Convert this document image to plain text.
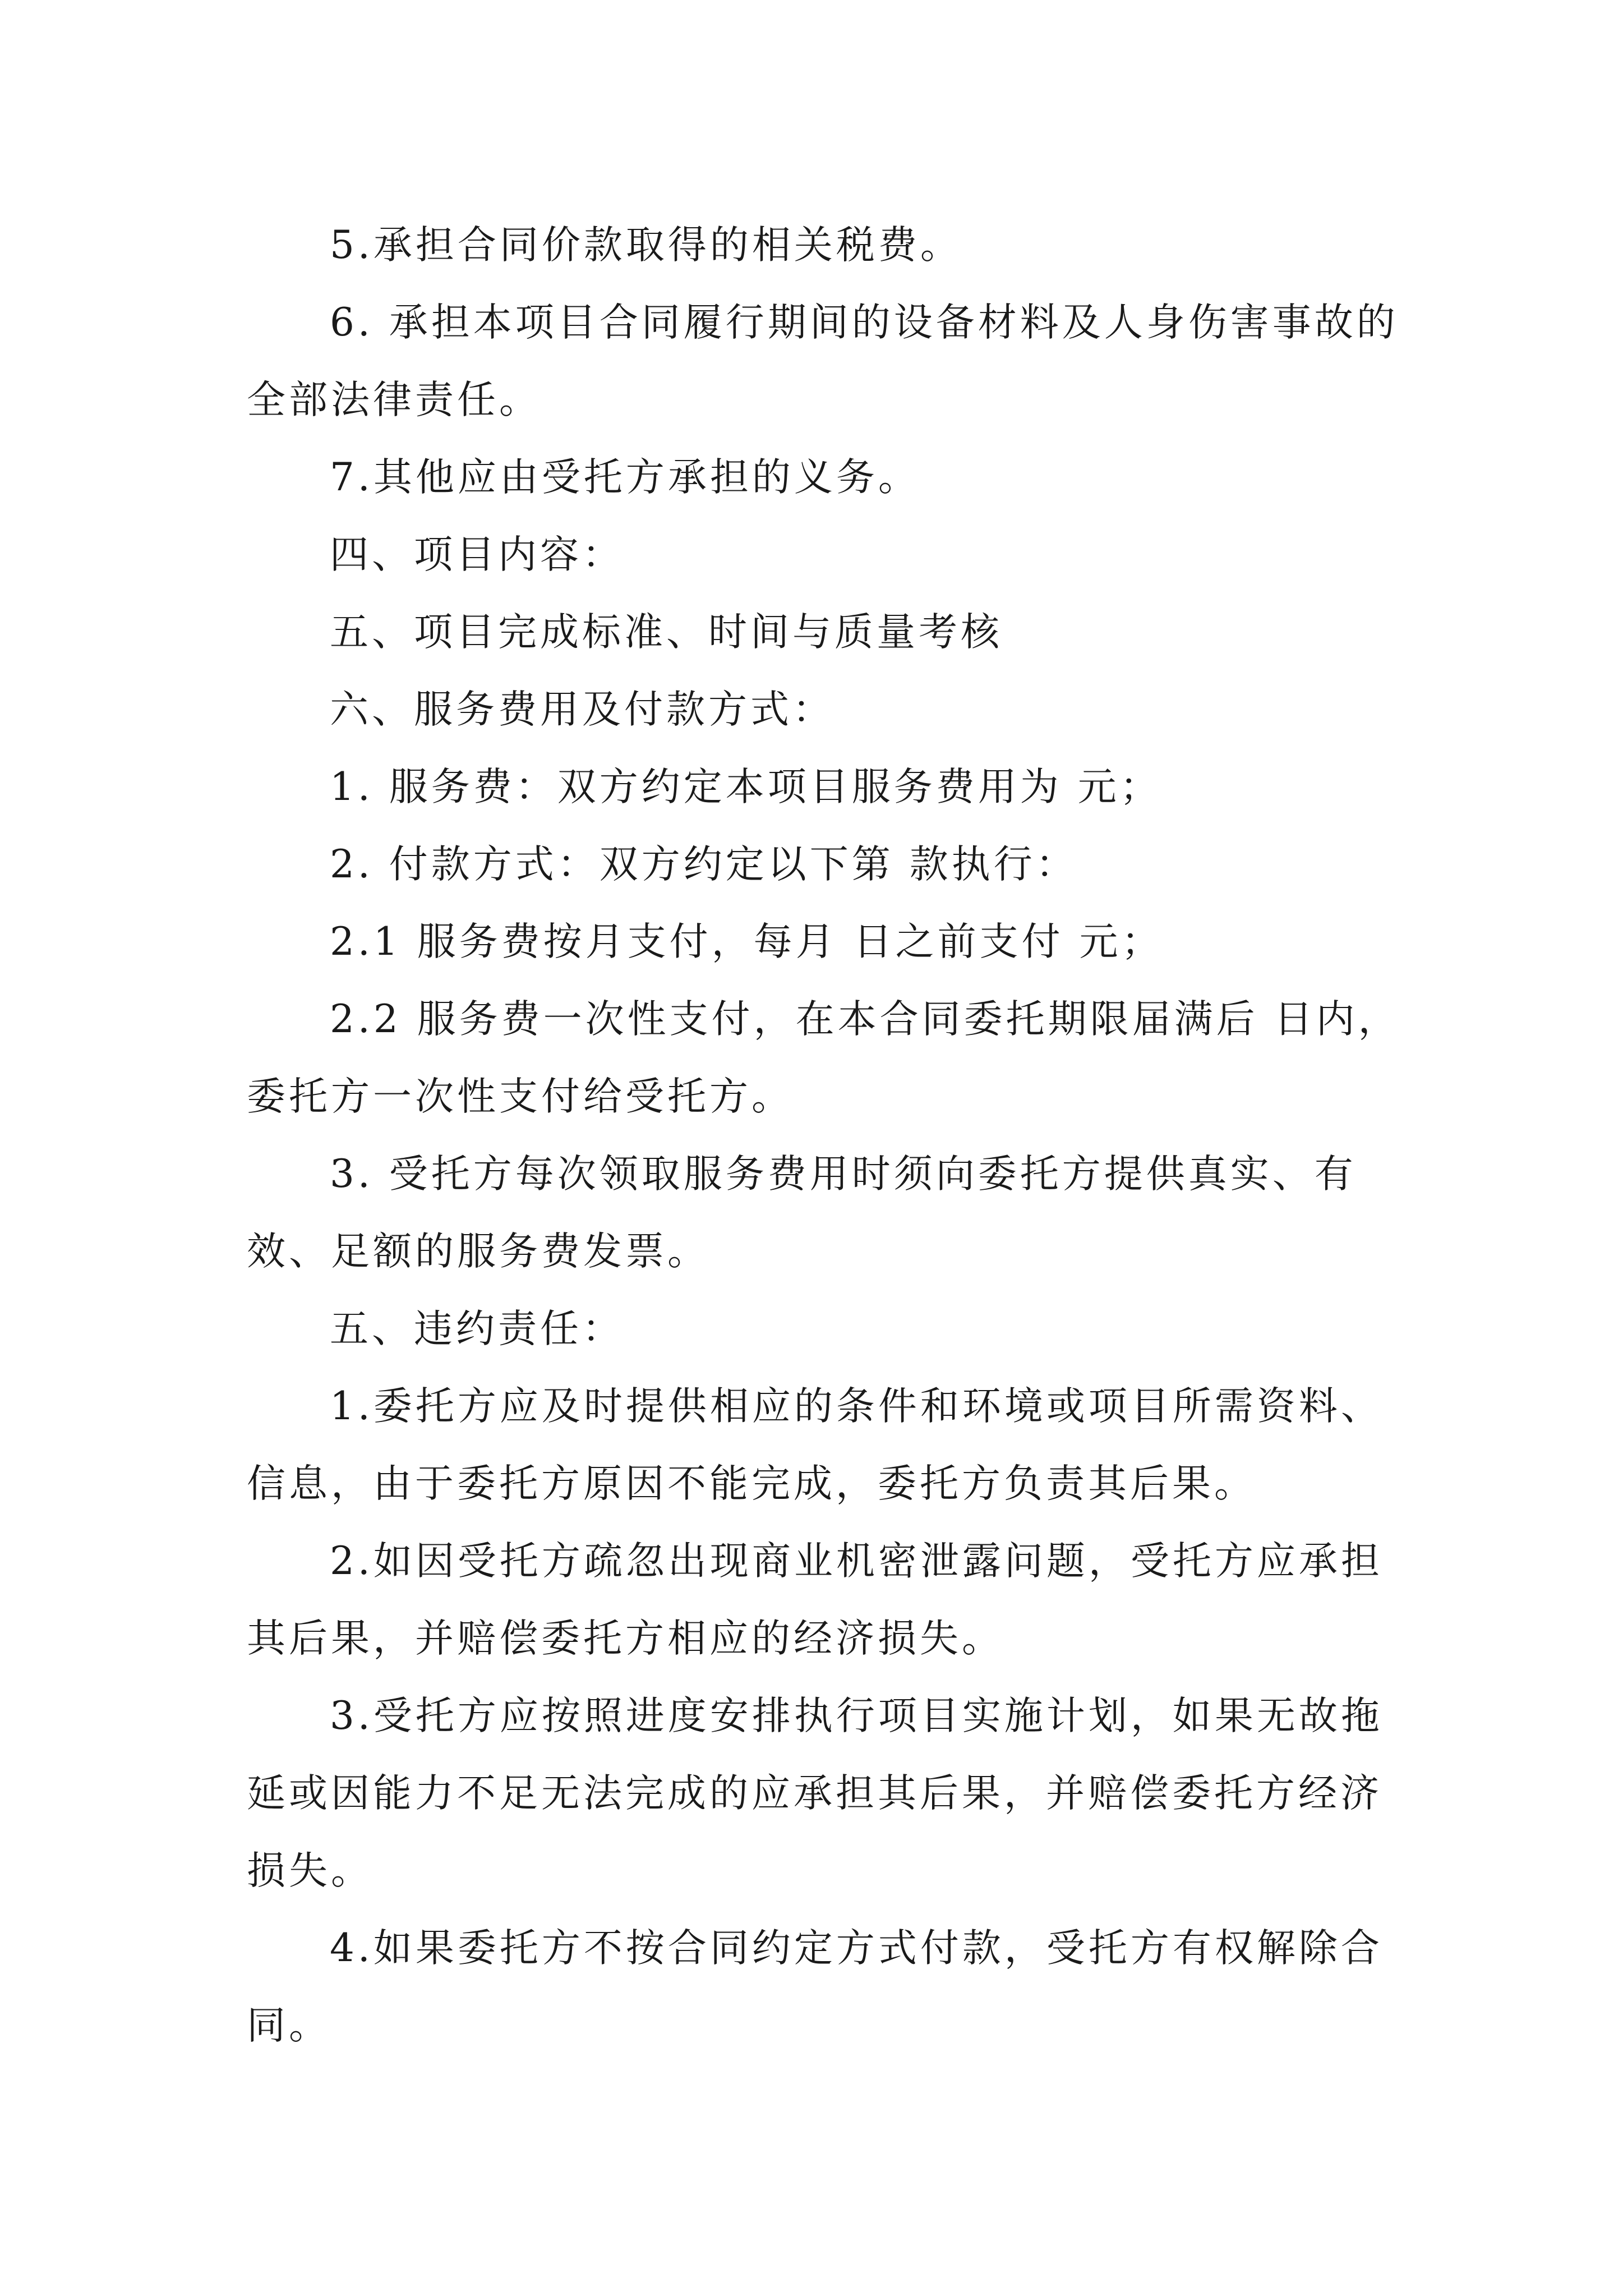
5.承担合同价款取得的相关税费。

6. 承担本项目合同履行期间的设备材料及人身伤害事故的全部法律责任。

7.其他应由受托方承担的义务。

四、项目内容：

五、项目完成标准、时间与质量考核

六、服务费用及付款方式：

1. 服务费：双方约定本项目服务费用为 元；

2. 付款方式：双方约定以下第 款执行：

2.1 服务费按月支付，每月 日之前支付 元；

2.2 服务费一次性支付，在本合同委托期限届满后 日内，委托方一次性支付给受托方。

3. 受托方每次领取服务费用时须向委托方提供真实、有效、足额的服务费发票。

五、违约责任：

1.委托方应及时提供相应的条件和环境或项目所需资料、信息，由于委托方原因不能完成，委托方负责其后果。

2.如因受托方疏忽出现商业机密泄露问题，受托方应承担其后果，并赔偿委托方相应的经济损失。

3.受托方应按照进度安排执行项目实施计划，如果无故拖延或因能力不足无法完成的应承担其后果，并赔偿委托方经济损失。

4.如果委托方不按合同约定方式付款，受托方有权解除合同。
